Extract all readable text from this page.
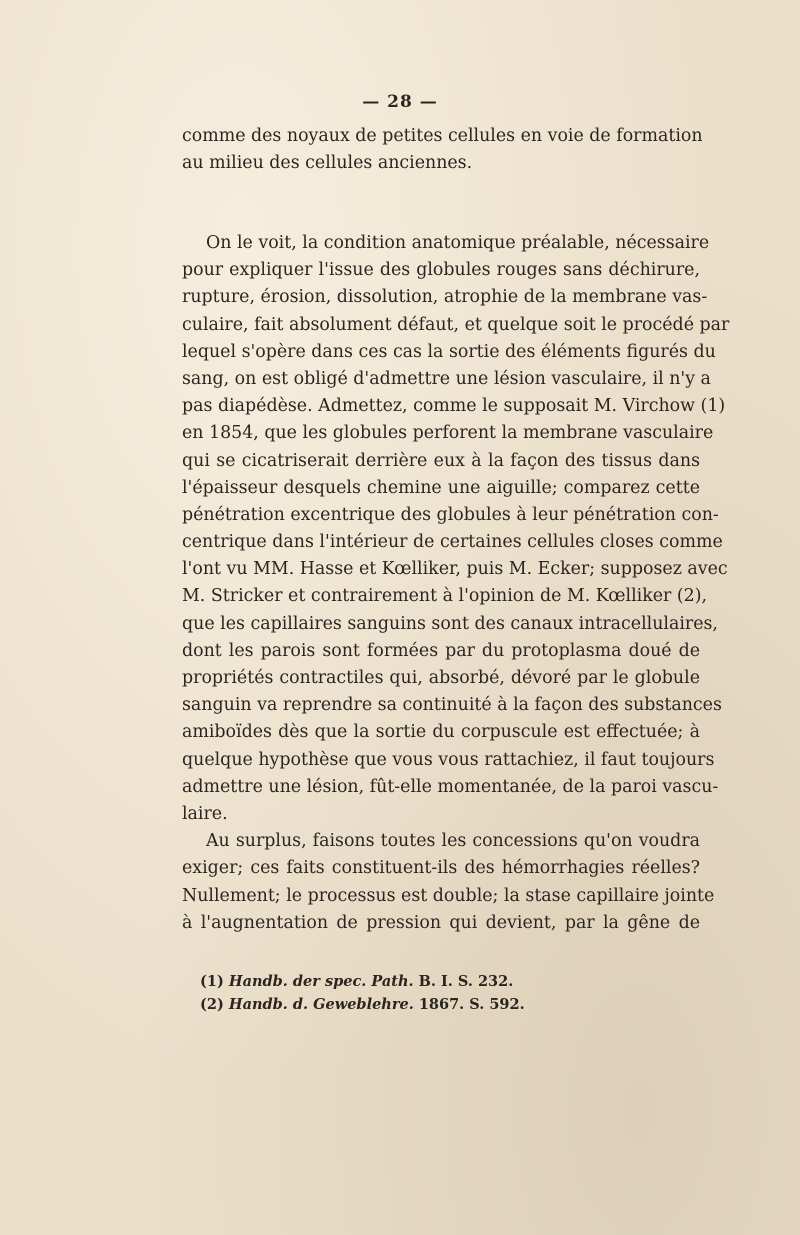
— 28 —
comme des noyaux de petites cellules en voie de formation
au milieu des cellules anciennes.
On le voit, la condition anatomique préalable, nécessaire
pour expliquer l'issue des globules rouges sans déchirure,
rupture, érosion, dissolution, atrophie de la membrane vas-
culaire, fait absolument défaut, et quelque soit le procédé par
lequel s'opère dans ces cas la sortie des éléments figurés du
sang, on est obligé d'admettre une lésion vasculaire, il n'y a
pas diapédèse. Admettez, comme le supposait M. Virchow (1)
en 1854, que les globules perforent la membrane vasculaire
qui se cicatriserait derrière eux à la façon des tissus dans
l'épaisseur desquels chemine une aiguille; comparez cette
pénétration excentrique des globules à leur pénétration con-
centrique dans l'intérieur de certaines cellules closes comme
l'ont vu MM. Hasse et Kœlliker, puis M. Ecker; supposez avec
M. Stricker et contrairement à l'opinion de M. Kœlliker (2),
que les capillaires sanguins sont des canaux intracellulaires,
dont les parois sont formées par du protoplasma doué de
propriétés contractiles qui, absorbé, dévoré par le globule
sanguin va reprendre sa continuité à la façon des substances
amiboïdes dès que la sortie du corpuscule est effectuée; à
quelque hypothèse que vous vous rattachiez, il faut toujours
admettre une lésion, fût-elle momentanée, de la paroi vascu-
laire.
Au surplus, faisons toutes les concessions qu'on voudra
exiger; ces faits constituent-ils des hémorrhagies réelles?
Nullement; le processus est double; la stase capillaire jointe
à l'augnentation de pression qui devient, par la gêne de
(1) Handb. der spec. Path. B. I. S. 232.
(2) Handb. d. Geweblehre. 1867. S. 592.
